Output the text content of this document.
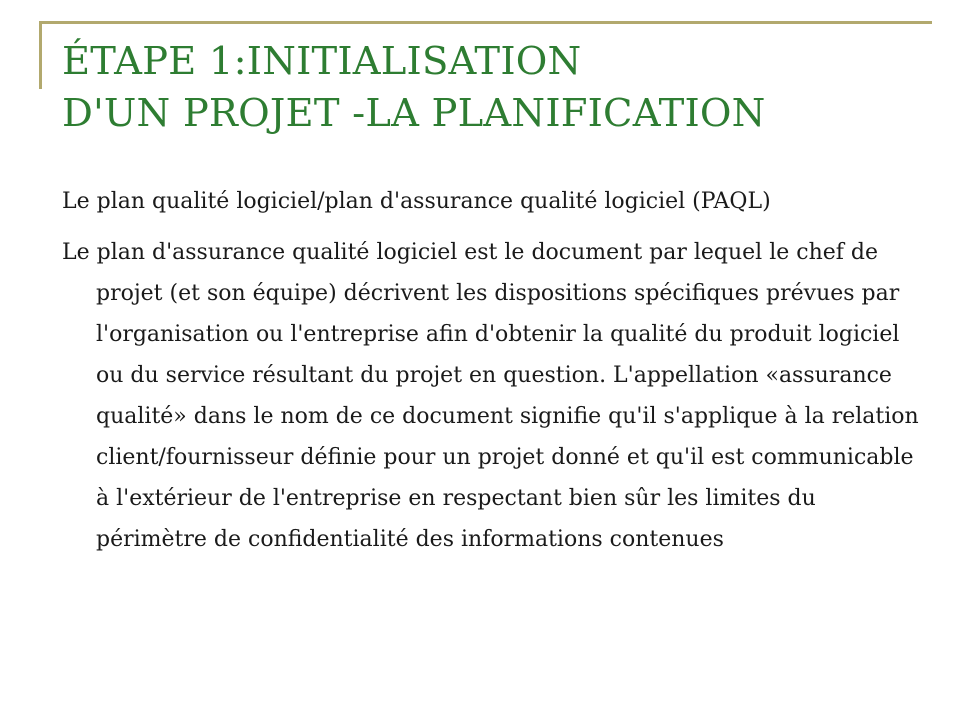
ÉTAPE 1:INITIALISATION
D'UN PROJET -LA PLANIFICATION

Le plan qualité logiciel/plan d'assurance qualité logiciel (PAQL)

Le plan d'assurance qualité logiciel est le document par lequel le chef de projet (et son équipe) décrivent les dispositions spécifiques prévues par l'organisation ou l'entreprise afin d'obtenir la qualité du produit logiciel ou du service résultant du projet en question. L'appellation «assurance qualité» dans le nom de ce document signifie qu'il s'applique à la relation client/fournisseur définie pour un projet donné et qu'il est communicable à l'extérieur de l'entreprise en respectant bien sûr les limites du périmètre de confidentialité des informations contenues
